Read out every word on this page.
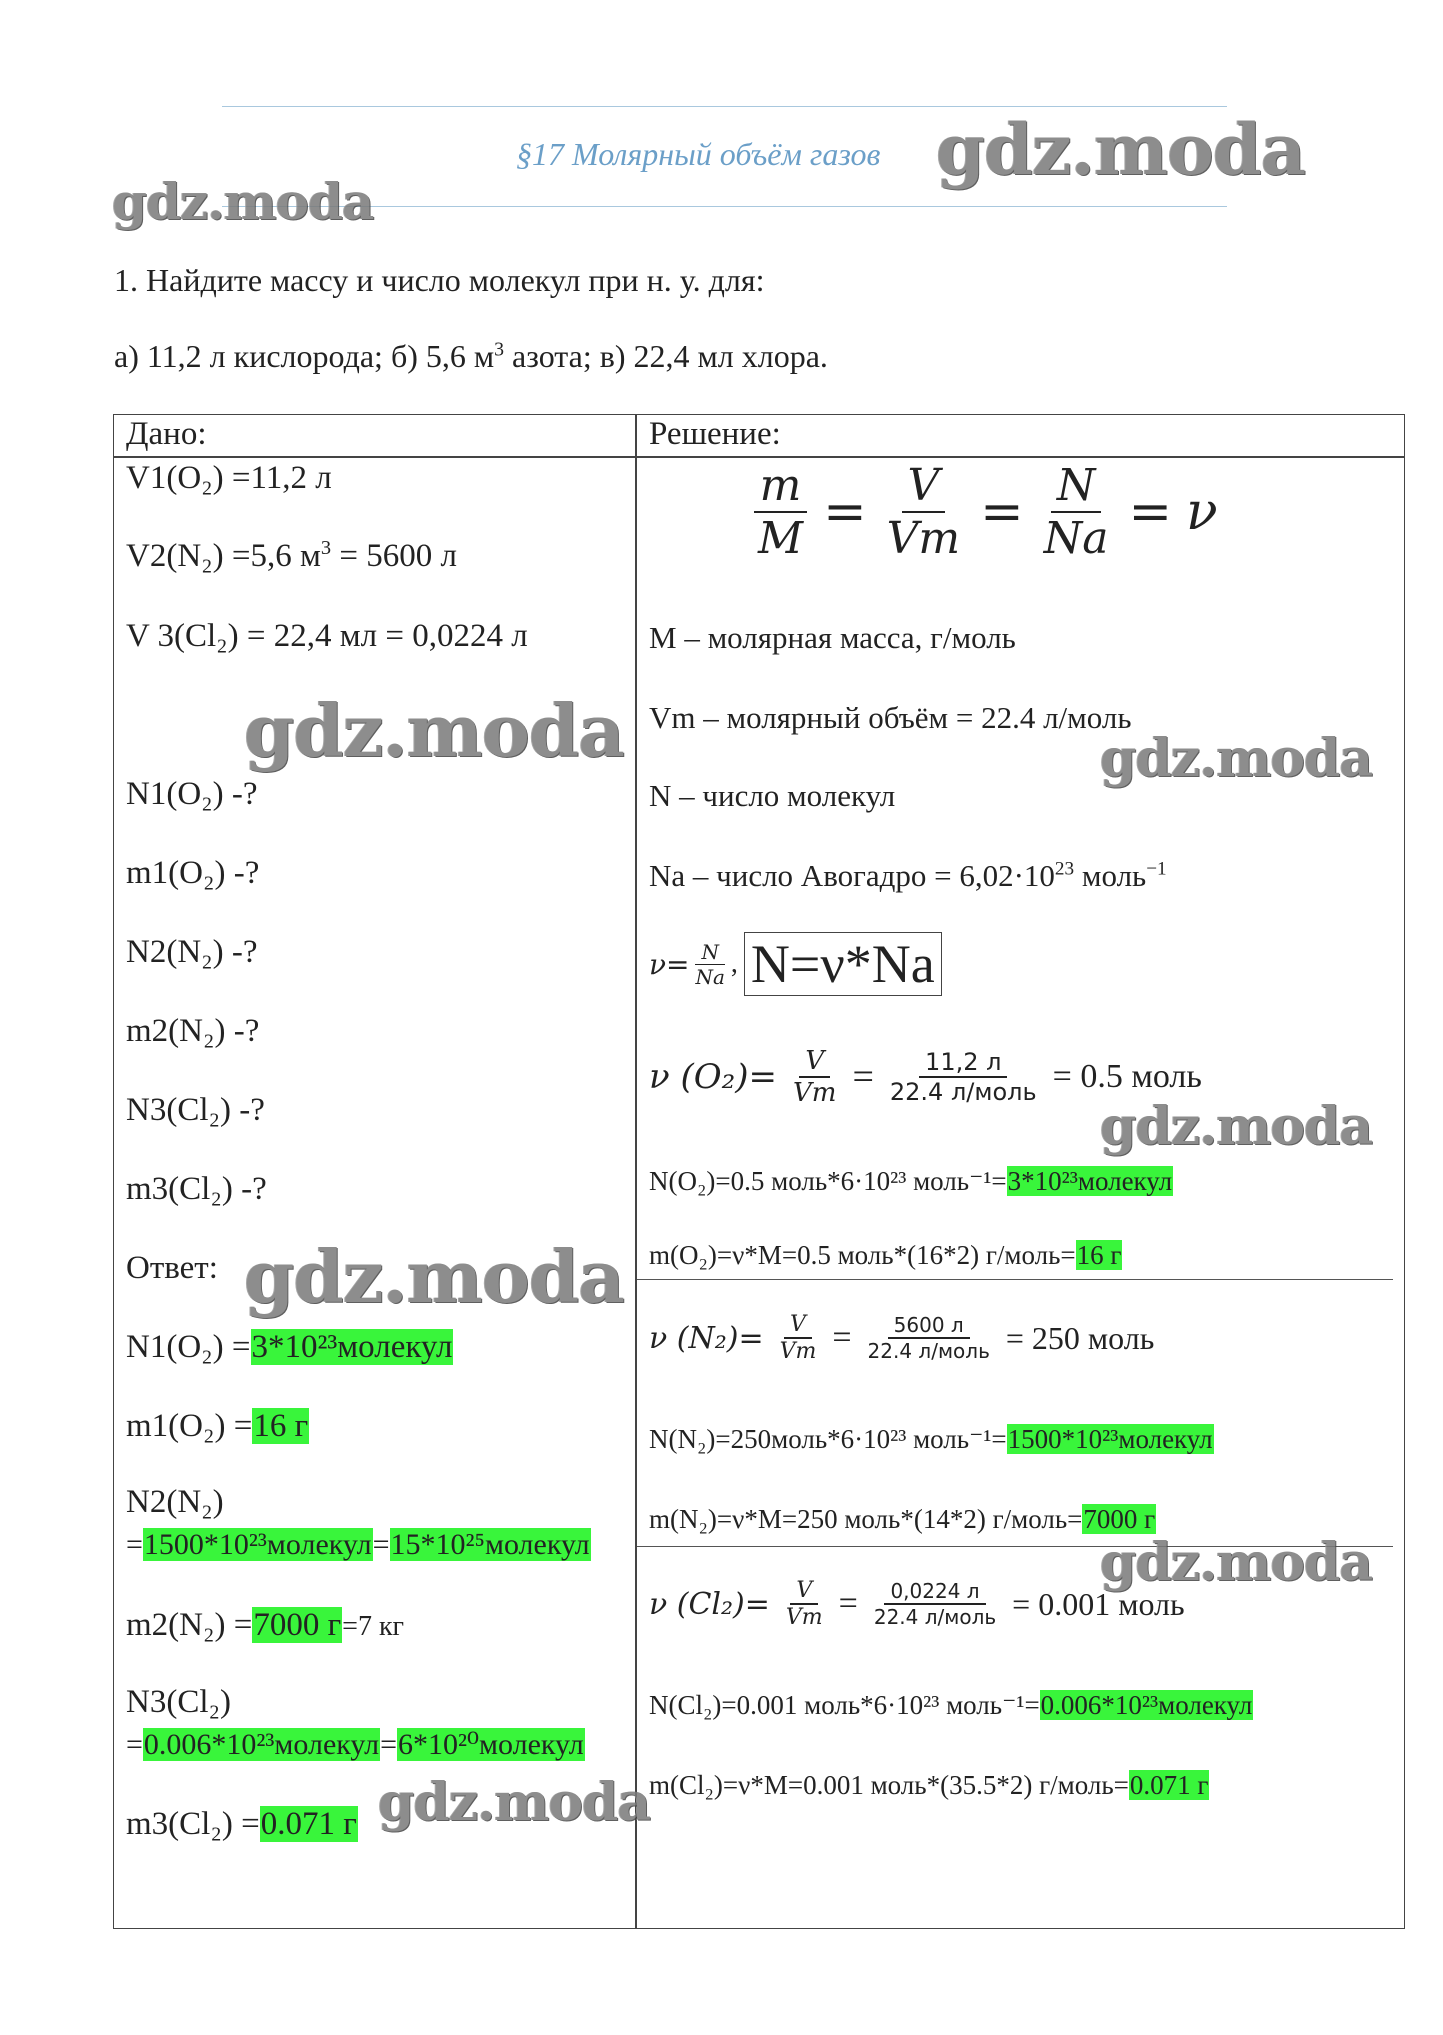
§17 Молярный объём газов gdz.moda
gdz.moda
1. Найдите массу и число молекул при н. у. для:
а) 11,2 л кислорода; б) 5,6 $м^3$ азота; в) 22,4 мл хлора.
Дано:	Решение:
V1(O₂) =11,2 л
V2(N₂) =5,6 $м^3 = 5600$ л
V 3(Cl₂) = 22,4 мл = 0,0224 л
gdz.moda
N1(O₂) -?
m1(O₂) -?
N2(N₂) -?
m2(N₂) -?
N3(Cl₂) -?
m3(Cl₂) -?
Ответ: gdz.moda
N1(O₂) =3*10²³молекул
m1(O₂) =16 г
N2(N₂)
=1500*10²³молекул=15*10²⁵молекул
m2(N₂) =7000 г=7 кг
N3(Cl₂)
=0.006*10²³молекул=6*10²⁰молекул
m3(Cl₂) =0.071 г gdz.moda
$\frac{m}{M} = \frac{V}{Vm} = \frac{N}{Na} = \nu$
M – молярная масса, г/моль
Vm – молярный объём = 22.4 л/моль
gdz.moda
N – число молекул
Na – число Авогадро = $6,02\cdot 10^{23}$ моль$^{-1}$
$\nu= \frac{N}{Na}$ , N=ν*Na
ν $(O_2)= \frac{V}{Vm} = \frac{11,2 л}{\text{22.4 л/моль}} = 0.5$ моль
gdz.moda
N(O₂)=0.5 моль*6·10²³ моль⁻¹=3*10²³молекул
m(O₂)=ν*M=0.5 моль*(16*2) г/моль=16 г
ν $(N_2)= \frac{V}{Vm} = \frac{5600 л}{\text{22.4 л/моль}} = 250$ моль
N(N₂)=250моль*6·10²³ моль⁻¹=1500*10²³молекул
m(N₂)=ν*M=250 моль*(14*2) г/моль=7000 г
gdz.moda
ν $(Cl_2)= \frac{V}{Vm} = \frac{0,0224 л}{\text{22.4 л/моль}} = 0.001$ моль
N(Cl₂)=0.001 моль*6·10²³ моль⁻¹=0.006*10²³молекул
m(Cl₂)=ν*M=0.001 моль*(35.5*2) г/моль=0.071 г
